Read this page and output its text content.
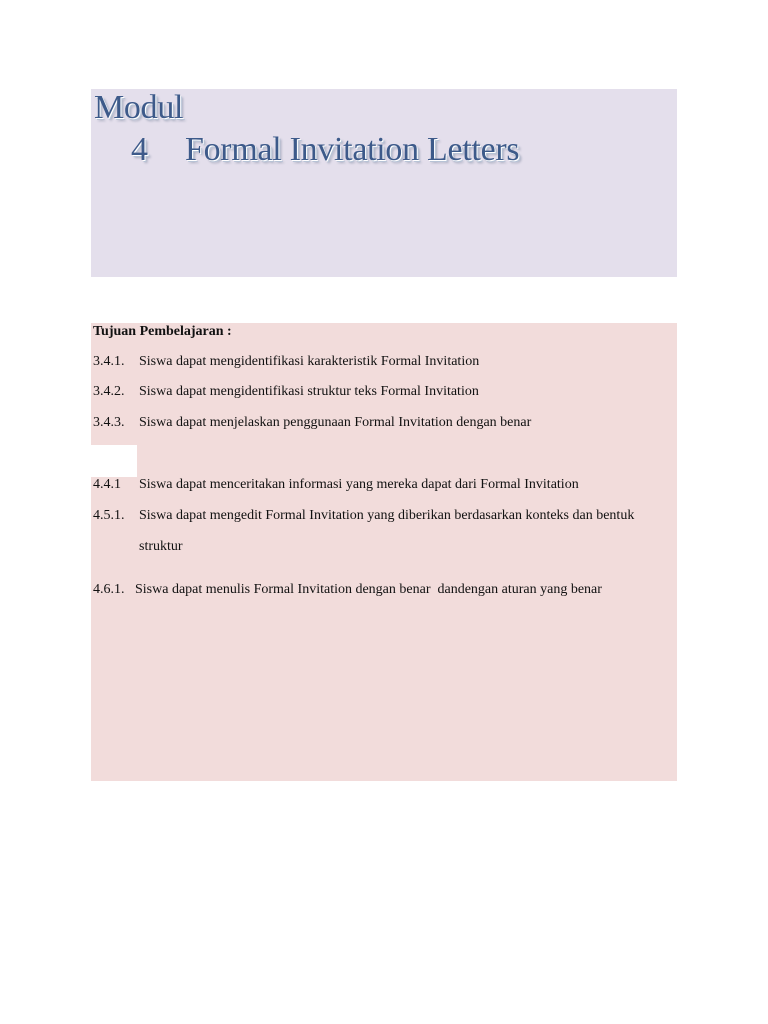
Modul
4 Formal Invitation Letters
Tujuan Pembelajaran :
3.4.1. Siswa dapat mengidentifikasi karakteristik Formal Invitation
3.4.2. Siswa dapat mengidentifikasi struktur teks Formal Invitation
3.4.3. Siswa dapat menjelaskan penggunaan Formal Invitation dengan benar
4.4.1 Siswa dapat menceritakan informasi yang mereka dapat dari Formal Invitation
4.5.1. Siswa dapat mengedit Formal Invitation yang diberikan berdasarkan konteks dan bentuk
struktur
4.6.1. Siswa dapat menulis Formal Invitation dengan benar  dandengan aturan yang benar
